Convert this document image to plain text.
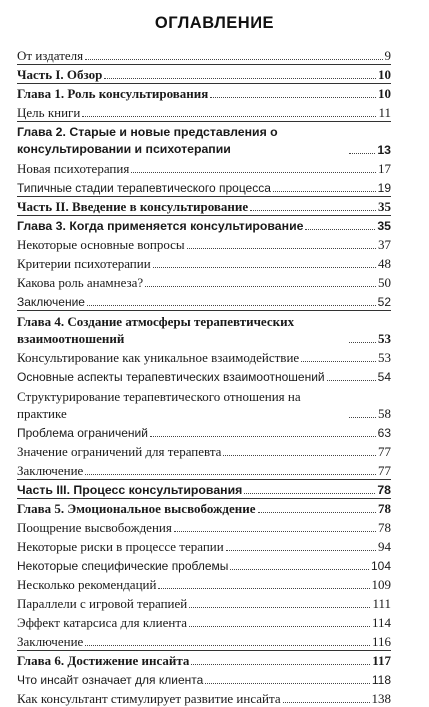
ОГЛАВЛЕНИЕ
От издателя	9
Часть I. Обзор	10
Глава 1. Роль консультирования	10
Цель книги	11
Глава 2. Старые и новые представления о консультировании и психотерапии	13
Новая психотерапия	17
Типичные стадии терапевтического процесса	19
Часть II. Введение в консультирование	35
Глава 3. Когда применяется консультирование	35
Некоторые основные вопросы	37
Критерии психотерапии	48
Какова роль анамнеза?	50
Заключение	52
Глава 4. Создание атмосферы терапевтических взаимоотношений	53
Консультирование как уникальное взаимодействие	53
Основные аспекты терапевтических взаимоотношений	54
Структурирование терапевтического отношения на практике	58
Проблема ограничений	63
Значение ограничений для терапевта	77
Заключение	77
Часть III. Процесс консультирования	78
Глава 5. Эмоциональное высвобождение	78
Поощрение высвобождения	78
Некоторые риски в процессе терапии	94
Некоторые специфические проблемы	104
Несколько рекомендаций	109
Параллели с игровой терапией	111
Эффект катарсиса для клиента	114
Заключение	116
Глава 6. Достижение инсайта	117
Что инсайт означает для клиента	118
Как консультант стимулирует развитие инсайта	138
